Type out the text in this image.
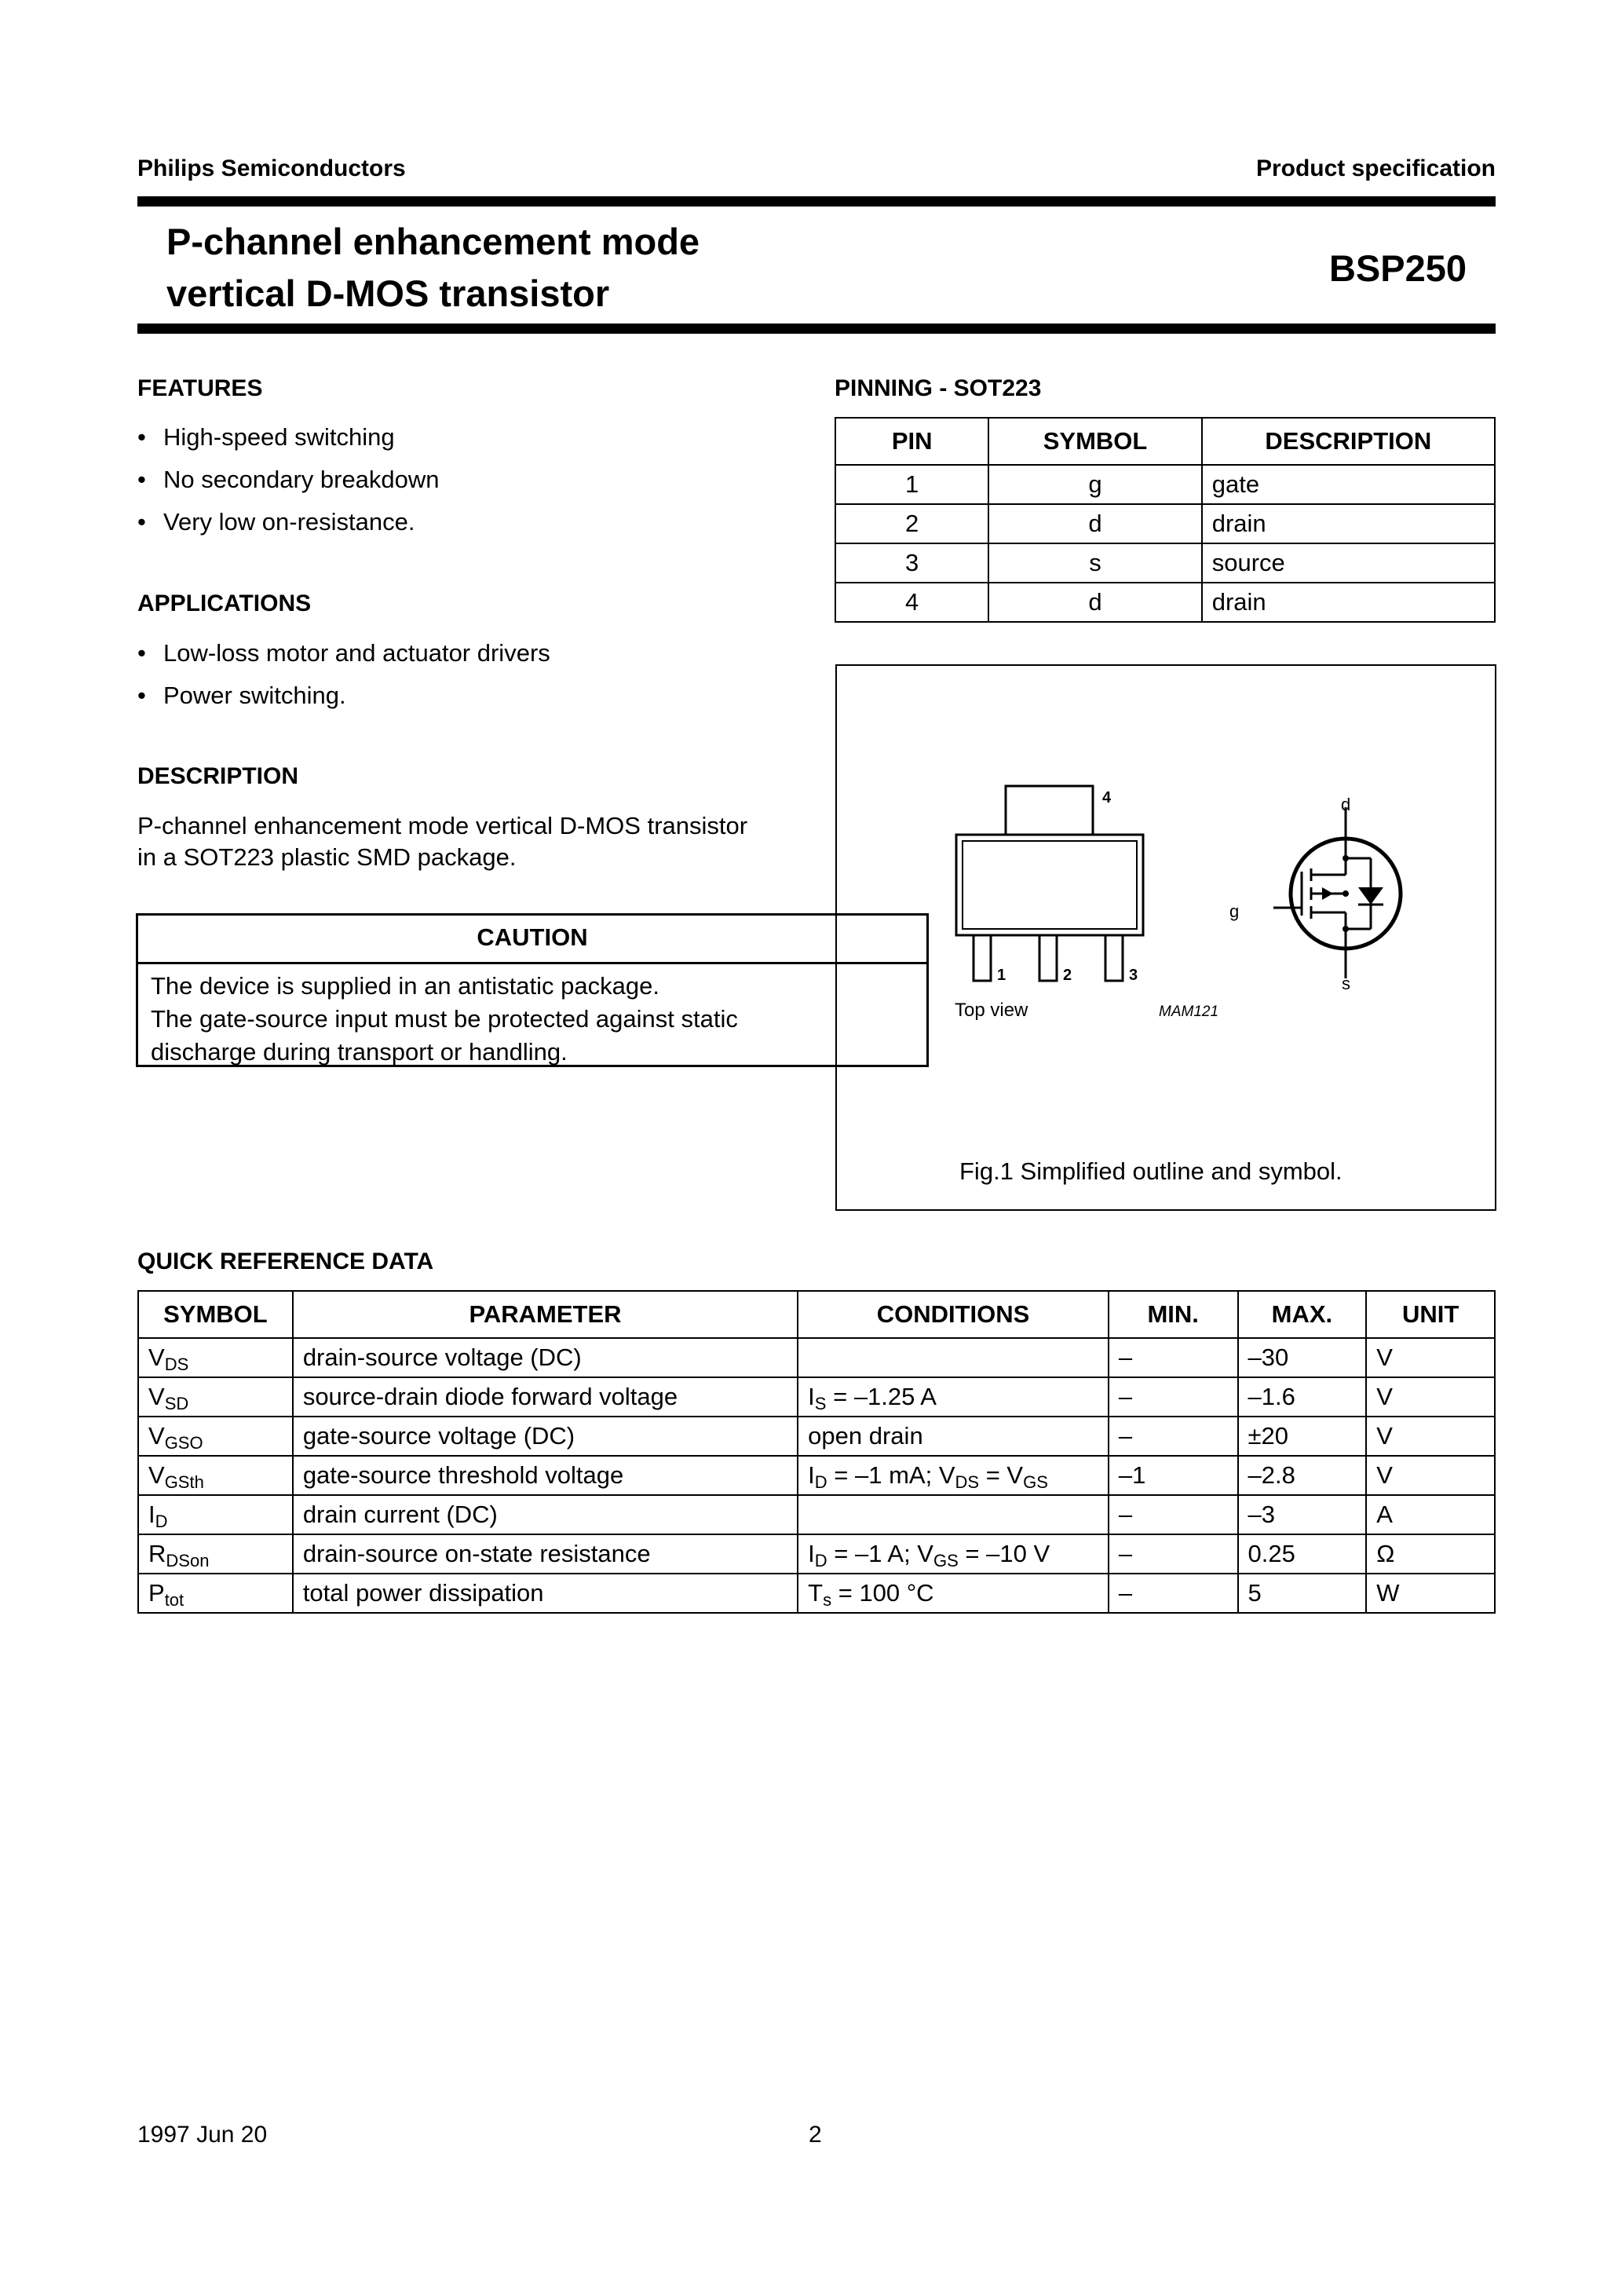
Philips Semiconductors	Product specification
P-channel enhancement mode
vertical D-MOS transistor
BSP250
FEATURES
• High-speed switching
• No secondary breakdown
• Very low on-resistance.
APPLICATIONS
• Low-loss motor and actuator drivers
• Power switching.
DESCRIPTION
P-channel enhancement mode vertical D-MOS transistor
in a SOT223 plastic SMD package.
CAUTION
The device is supplied in an antistatic package.
The gate-source input must be protected against static
discharge during transport or handling.
PINNING - SOT223
PIN	SYMBOL	DESCRIPTION
1	g	gate
2	d	drain
3	s	source
4	d	drain
4
1	2	3
Top view	MAM121
d
g
s
Fig.1 Simplified outline and symbol.
QUICK REFERENCE DATA
SYMBOL	PARAMETER	CONDITIONS	MIN.	MAX.	UNIT
$V_{DS}$	drain-source voltage (DC)		–	–30	V
$V_{SD}$	source-drain diode forward voltage	$I_S = -1.25$ A	–	–1.6	V
$V_{GSO}$	gate-source voltage (DC)	open drain	–	±20	V
$V_{GSth}$	gate-source threshold voltage	$I_D = -1$ mA; $V_{DS} = V_{GS}$	–1	–2.8	V
$I_D$	drain current (DC)		–	–3	A
$R_{DSon}$	drain-source on-state resistance	$I_D = -1$ A; $V_{GS} = -10$ V	–	0.25	Ω
$P_{tot}$	total power dissipation	$T_s = 100$ °C	–	5	W
1997 Jun 20	2
